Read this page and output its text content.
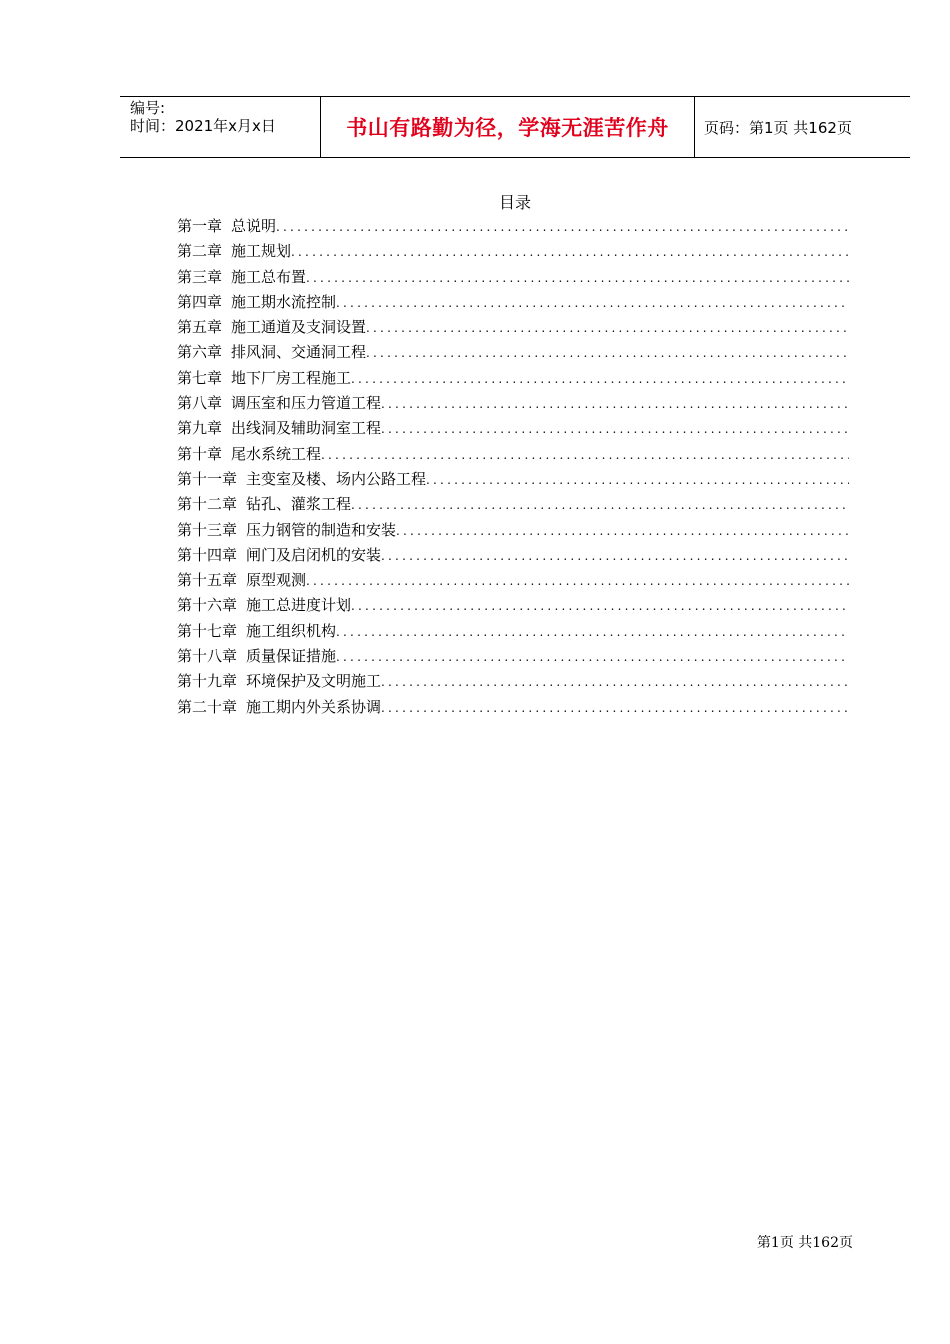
编号:
时间：2021年x月x日	书山有路勤为径，学海无涯苦作舟 页码：第1页 共162页
目录
第一章 总说明
.....
第二章 施工规划
.....
第三章 施工总布置
.....
第四章 施工期水流控制
.....
第五章 施工通道及支洞设置
.....
第六章 排风洞、交通洞工程
.....
第七章 地下厂房工程施工
.....
第八章 调压室和压力管道工程
.....
第九章 出线洞及辅助洞室工程
.....
第十章 尾水系统工程
.....
第十一章 主变室及楼、场内公路工程
.....
第十二章 钻孔、灌浆工程
.....
第十三章 压力钢管的制造和安装
.....
第十四章 闸门及启闭机的安装
.....
第十五章 原型观测
.....
第十六章 施工总进度计划
.....
第十七章 施工组织机构
.....
第十八章 质量保证措施
.....
第十九章 环境保护及文明施工
.....
第二十章 施工期内外关系协调
.....
第1页 共162页
